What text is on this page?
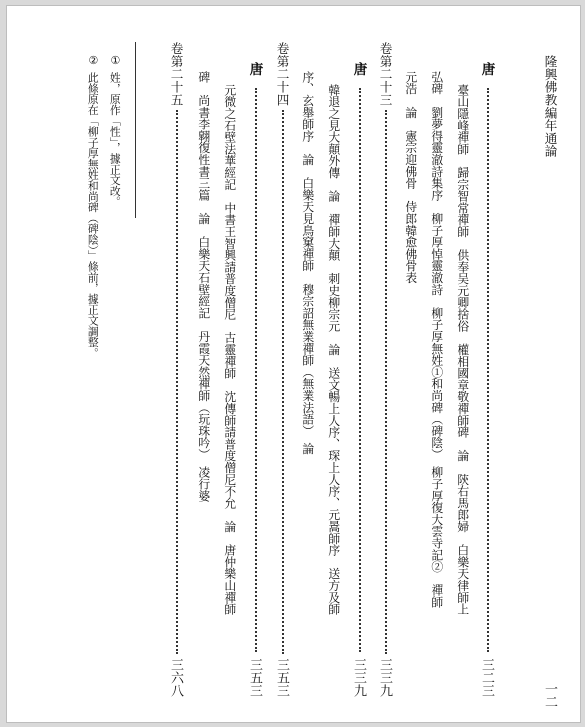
隆興佛教編年通論
一二
唐
三二三
臺山隱峰禪師　歸宗智常禪師　供奉吴元卿捨俗　權相國章敬禪師碑　論　陝右馬郎婦　白樂天律師上
弘碑　劉夢得靈澈詩集序　柳子厚悼靈澈詩　柳子厚無姓①和尚碑（碑陰）　柳子厚復大雲寺記②　禪師
元浩　論　憲宗迎佛骨　侍郎韓愈佛骨表
卷第二十三
三三九
唐
三三九
韓退之見大顛外傳　論　禪師大顛　刺史柳宗元　論　送文暢上人序、琛上人序、元暠師序　送方及師
序、玄舉師序　論　白樂天見鳥窠禪師　穆宗詔無業禪師（無業法語）　論
卷第二十四
三五三
唐
三五三
元微之石壁法華經記　中書王智興請普度僧尼　古靈禪師　沈傳師請普度僧尼不允　論　唐仲樂山禪師
碑　尚書李翺復性書三篇　論　白樂天石壁經記　丹霞天然禪師（玩珠吟）　凌行婆
卷第二十五
三六八
①
姓，原作「性」，據正文改。
②
此條原在「柳子厚無姓和尚碑（碑陰）」條前，據正文調整。
